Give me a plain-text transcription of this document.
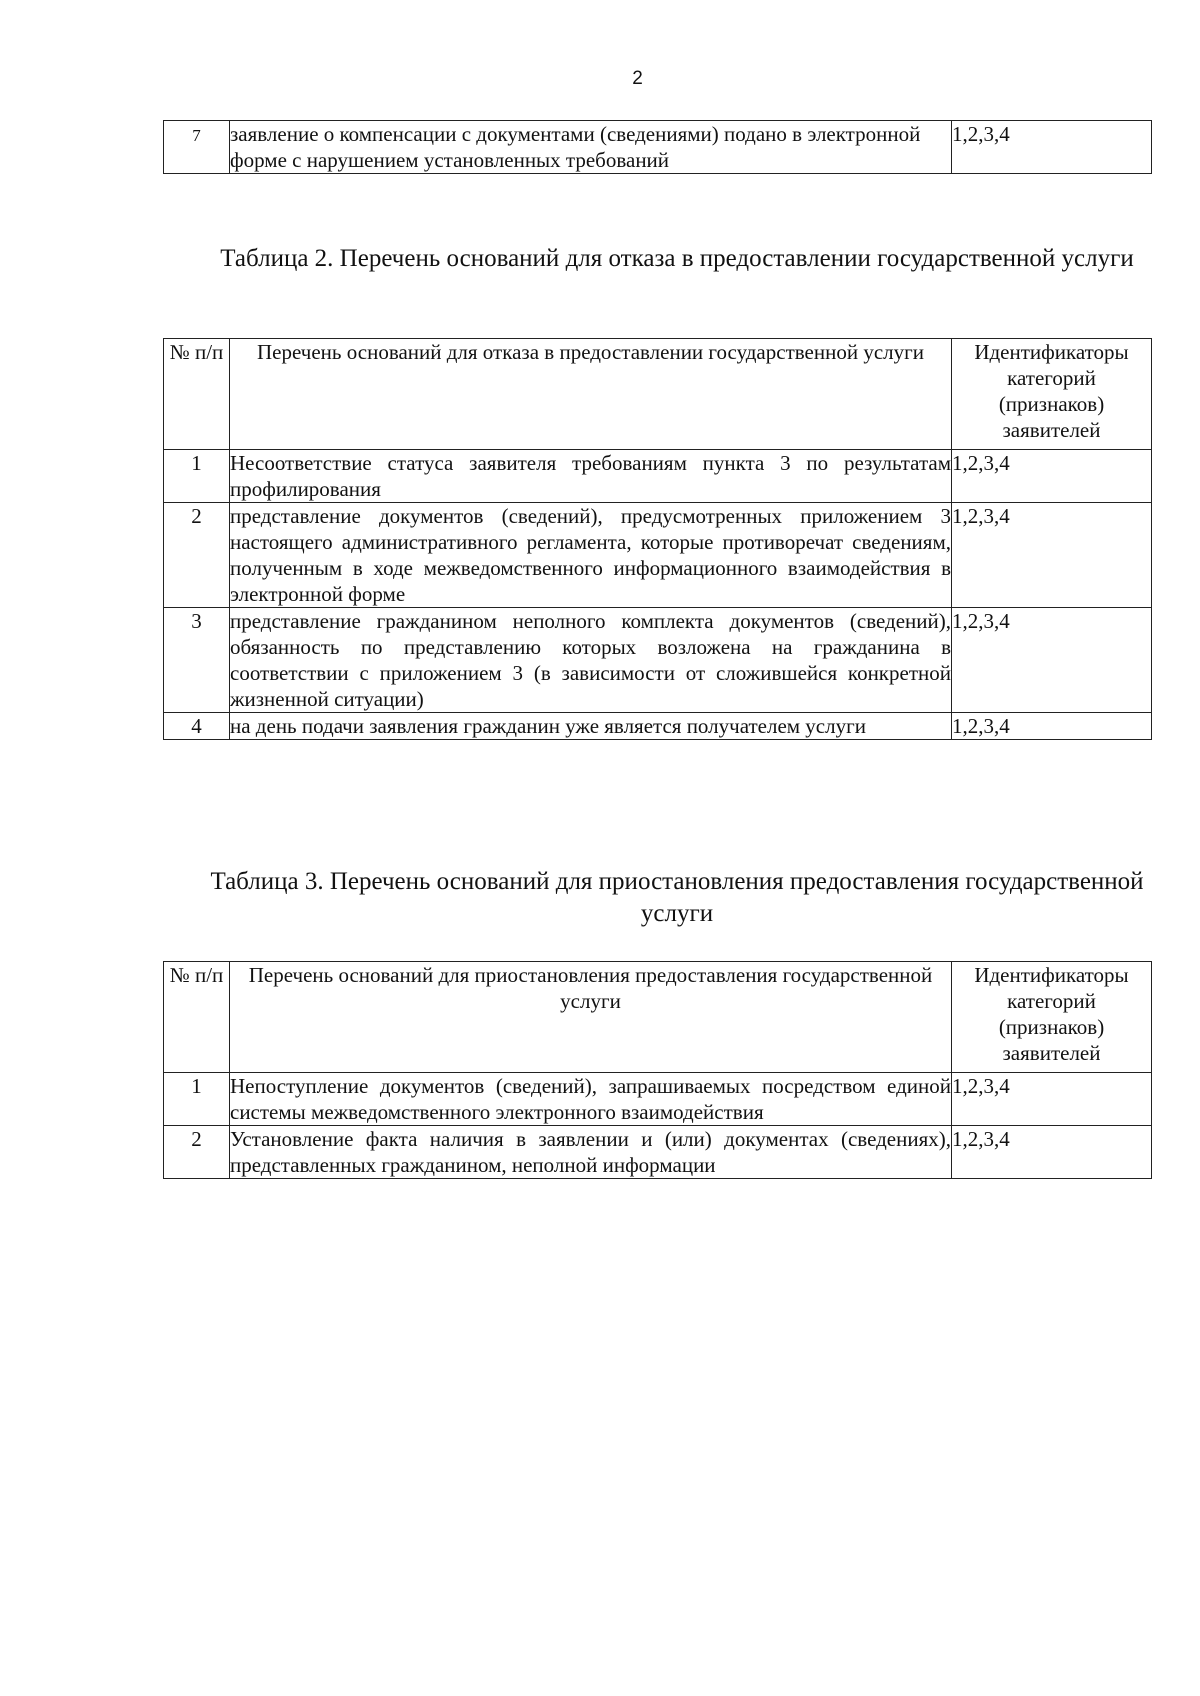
2
7	заявление о компенсации с документами (сведениями) подано в электронной форме с нарушением установленных требований	1,2,3,4
Таблица 2. Перечень оснований для отказа в предоставлении государственной услуги
№ п/п	Перечень оснований для отказа в предоставлении государственной услуги	Идентификаторы категорий (признаков) заявителей
1	Несоответствие статуса заявителя требованиям пункта 3 по результатам профилирования	1,2,3,4
2	представление документов (сведений), предусмотренных приложением 3 настоящего административного регламента, которые противоречат сведениям, полученным в ходе межведомственного информационного взаимодействия в электронной форме	1,2,3,4
3	представление гражданином неполного комплекта документов (сведений), обязанность по представлению которых возложена на гражданина в соответствии с приложением 3 (в зависимости от сложившейся конкретной жизненной ситуации)	1,2,3,4
4	на день подачи заявления гражданин уже является получателем услуги	1,2,3,4
Таблица 3. Перечень оснований для приостановления предоставления государственной услуги
№ п/п	Перечень оснований для приостановления предоставления государственной услуги	Идентификаторы категорий (признаков) заявителей
1	Непоступление документов (сведений), запрашиваемых посредством единой системы межведомственного электронного взаимодействия	1,2,3,4
2	Установление факта наличия в заявлении и (или) документах (сведениях), представленных гражданином, неполной информации	1,2,3,4
